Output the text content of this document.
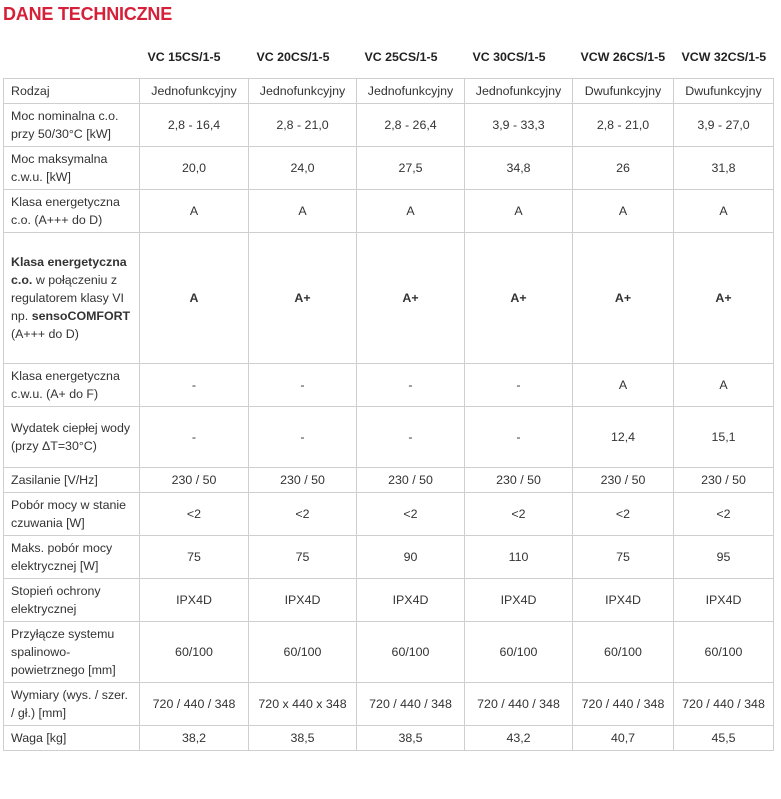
DANE TECHNICZNE
	VC 15CS/1-5	VC 20CS/1-5	VC 25CS/1-5	VC 30CS/1-5	VCW 26CS/1-5	VCW 32CS/1-5
Rodzaj	Jednofunkcyjny	Jednofunkcyjny	Jednofunkcyjny	Jednofunkcyjny	Dwufunkcyjny	Dwufunkcyjny
Moc nominalna c.o. przy 50/30°C [kW]	2,8 - 16,4	2,8 - 21,0	2,8 - 26,4	3,9 - 33,3	2,8 - 21,0	3,9 - 27,0
Moc maksymalna c.w.u. [kW]	20,0	24,0	27,5	34,8	26	31,8
Klasa energetyczna c.o. (A+++ do D)	A	A	A	A	A	A
Klasa energetyczna c.o. w połączeniu z regulatorem klasy VI np. sensoCOMFORT (A+++ do D)	A	A+	A+	A+	A+	A+
Klasa energetyczna c.w.u. (A+ do F)	-	-	-	-	A	A
Wydatek ciepłej wody (przy ΔT=30°C)	-	-	-	-	12,4	15,1
Zasilanie [V/Hz]	230 / 50	230 / 50	230 / 50	230 / 50	230 / 50	230 / 50
Pobór mocy w stanie czuwania [W]	<2	<2	<2	<2	<2	<2
Maks. pobór mocy elektrycznej [W]	75	75	90	110	75	95
Stopień ochrony elektrycznej	IPX4D	IPX4D	IPX4D	IPX4D	IPX4D	IPX4D
Przyłącze systemu spalinowo-powietrznego [mm]	60/100	60/100	60/100	60/100	60/100	60/100
Wymiary (wys. / szer. / gł.) [mm]	720 / 440 / 348	720 x 440 x 348	720 / 440 / 348	720 / 440 / 348	720 / 440 / 348	720 / 440 / 348
Waga [kg]	38,2	38,5	38,5	43,2	40,7	45,5
